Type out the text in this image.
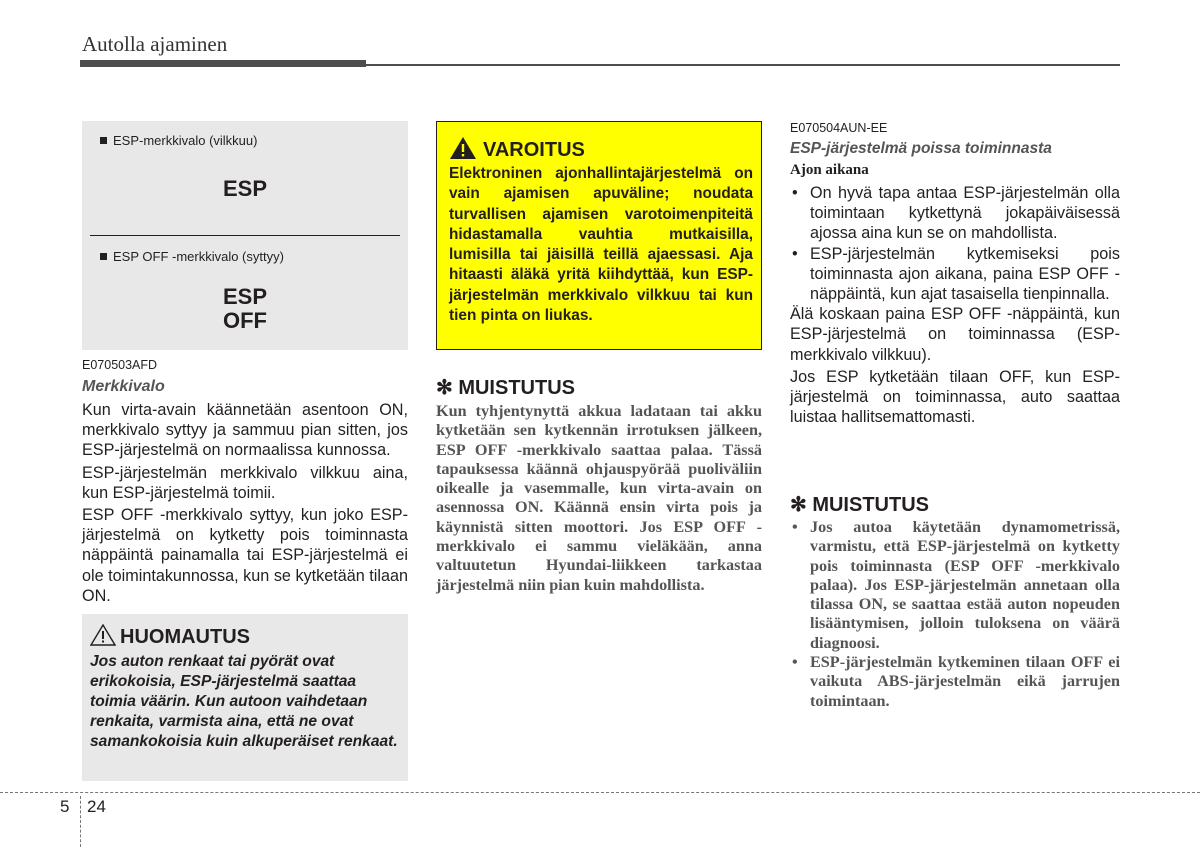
Autolla ajaminen
ESP-merkkivalo (vilkkuu)
ESP
ESP OFF -merkkivalo (syttyy)
ESP
OFF
E070503AFD
Merkkivalo

Kun virta-avain käännetään asentoon ON, merkkivalo syttyy ja sammuu pian sitten, jos ESP-järjestelmä on normaalissa kunnossa.

ESP-järjestelmän merkkivalo vilkkuu aina, kun ESP-järjestelmä toimii.

ESP OFF -merkkivalo syttyy, kun joko ESP-järjestelmä on kytketty pois toiminnasta näppäintä painamalla tai ESP-järjestelmä ei ole toimintakunnossa, kun se kytketään tilaan ON.

HUOMAUTUS
Jos auton renkaat tai pyörät ovat erikokoisia, ESP-järjestelmä saattaa toimia väärin. Kun autoon vaihdetaan renkaita, varmista aina, että ne ovat samankokoisia kuin alkuperäiset renkaat.
VAROITUS
Elektroninen ajonhallintajärjestelmä on vain ajamisen apuväline; noudata turvallisen ajamisen varotoimenpiteitä hidastamalla vauhtia mutkaisilla, lumisilla tai jäisillä teillä ajaessasi. Aja hitaasti äläkä yritä kiihdyttää, kun ESP-järjestelmän merkkivalo vilkkuu tai kun tien pinta on liukas.
✻ MUISTUTUS
Kun tyhjentynyttä akkua ladataan tai akku kytketään sen kytkennän irrotuksen jälkeen, ESP OFF -merkkivalo saattaa palaa. Tässä tapauksessa käännä ohjauspyörää puoliväliin oikealle ja vasemmalle, kun virta-avain on asennossa ON. Käännä ensin virta pois ja käynnistä sitten moottori. Jos ESP OFF -merkkivalo ei sammu vieläkään, anna valtuutetun Hyundai-liikkeen tarkastaa järjestelmä niin pian kuin mahdollista.
E070504AUN-EE
ESP-järjestelmä poissa toiminnasta
Ajon aikana
• On hyvä tapa antaa ESP-järjestelmän olla toimintaan kytkettynä jokapäiväisessä ajossa aina kun se on mahdollista.
• ESP-järjestelmän kytkemiseksi pois toiminnasta ajon aikana, paina ESP OFF -näppäintä, kun ajat tasaisella tienpinnalla.

Älä koskaan paina ESP OFF -näppäintä, kun ESP-järjestelmä on toiminnassa (ESP-merkkivalo vilkkuu).

Jos ESP kytketään tilaan OFF, kun ESP-järjestelmä on toiminnassa, auto saattaa luistaa hallitsemattomasti.

✻ MUISTUTUS
• Jos autoa käytetään dynamometrissä, varmistu, että ESP-järjestelmä on kytketty pois toiminnasta (ESP OFF -merkkivalo palaa). Jos ESP-järjestelmän annetaan olla tilassa ON, se saattaa estää auton nopeuden lisääntymisen, jolloin tuloksena on väärä diagnoosi.
• ESP-järjestelmän kytkeminen tilaan OFF ei vaikuta ABS-järjestelmän eikä jarrujen toimintaan.
5 24
